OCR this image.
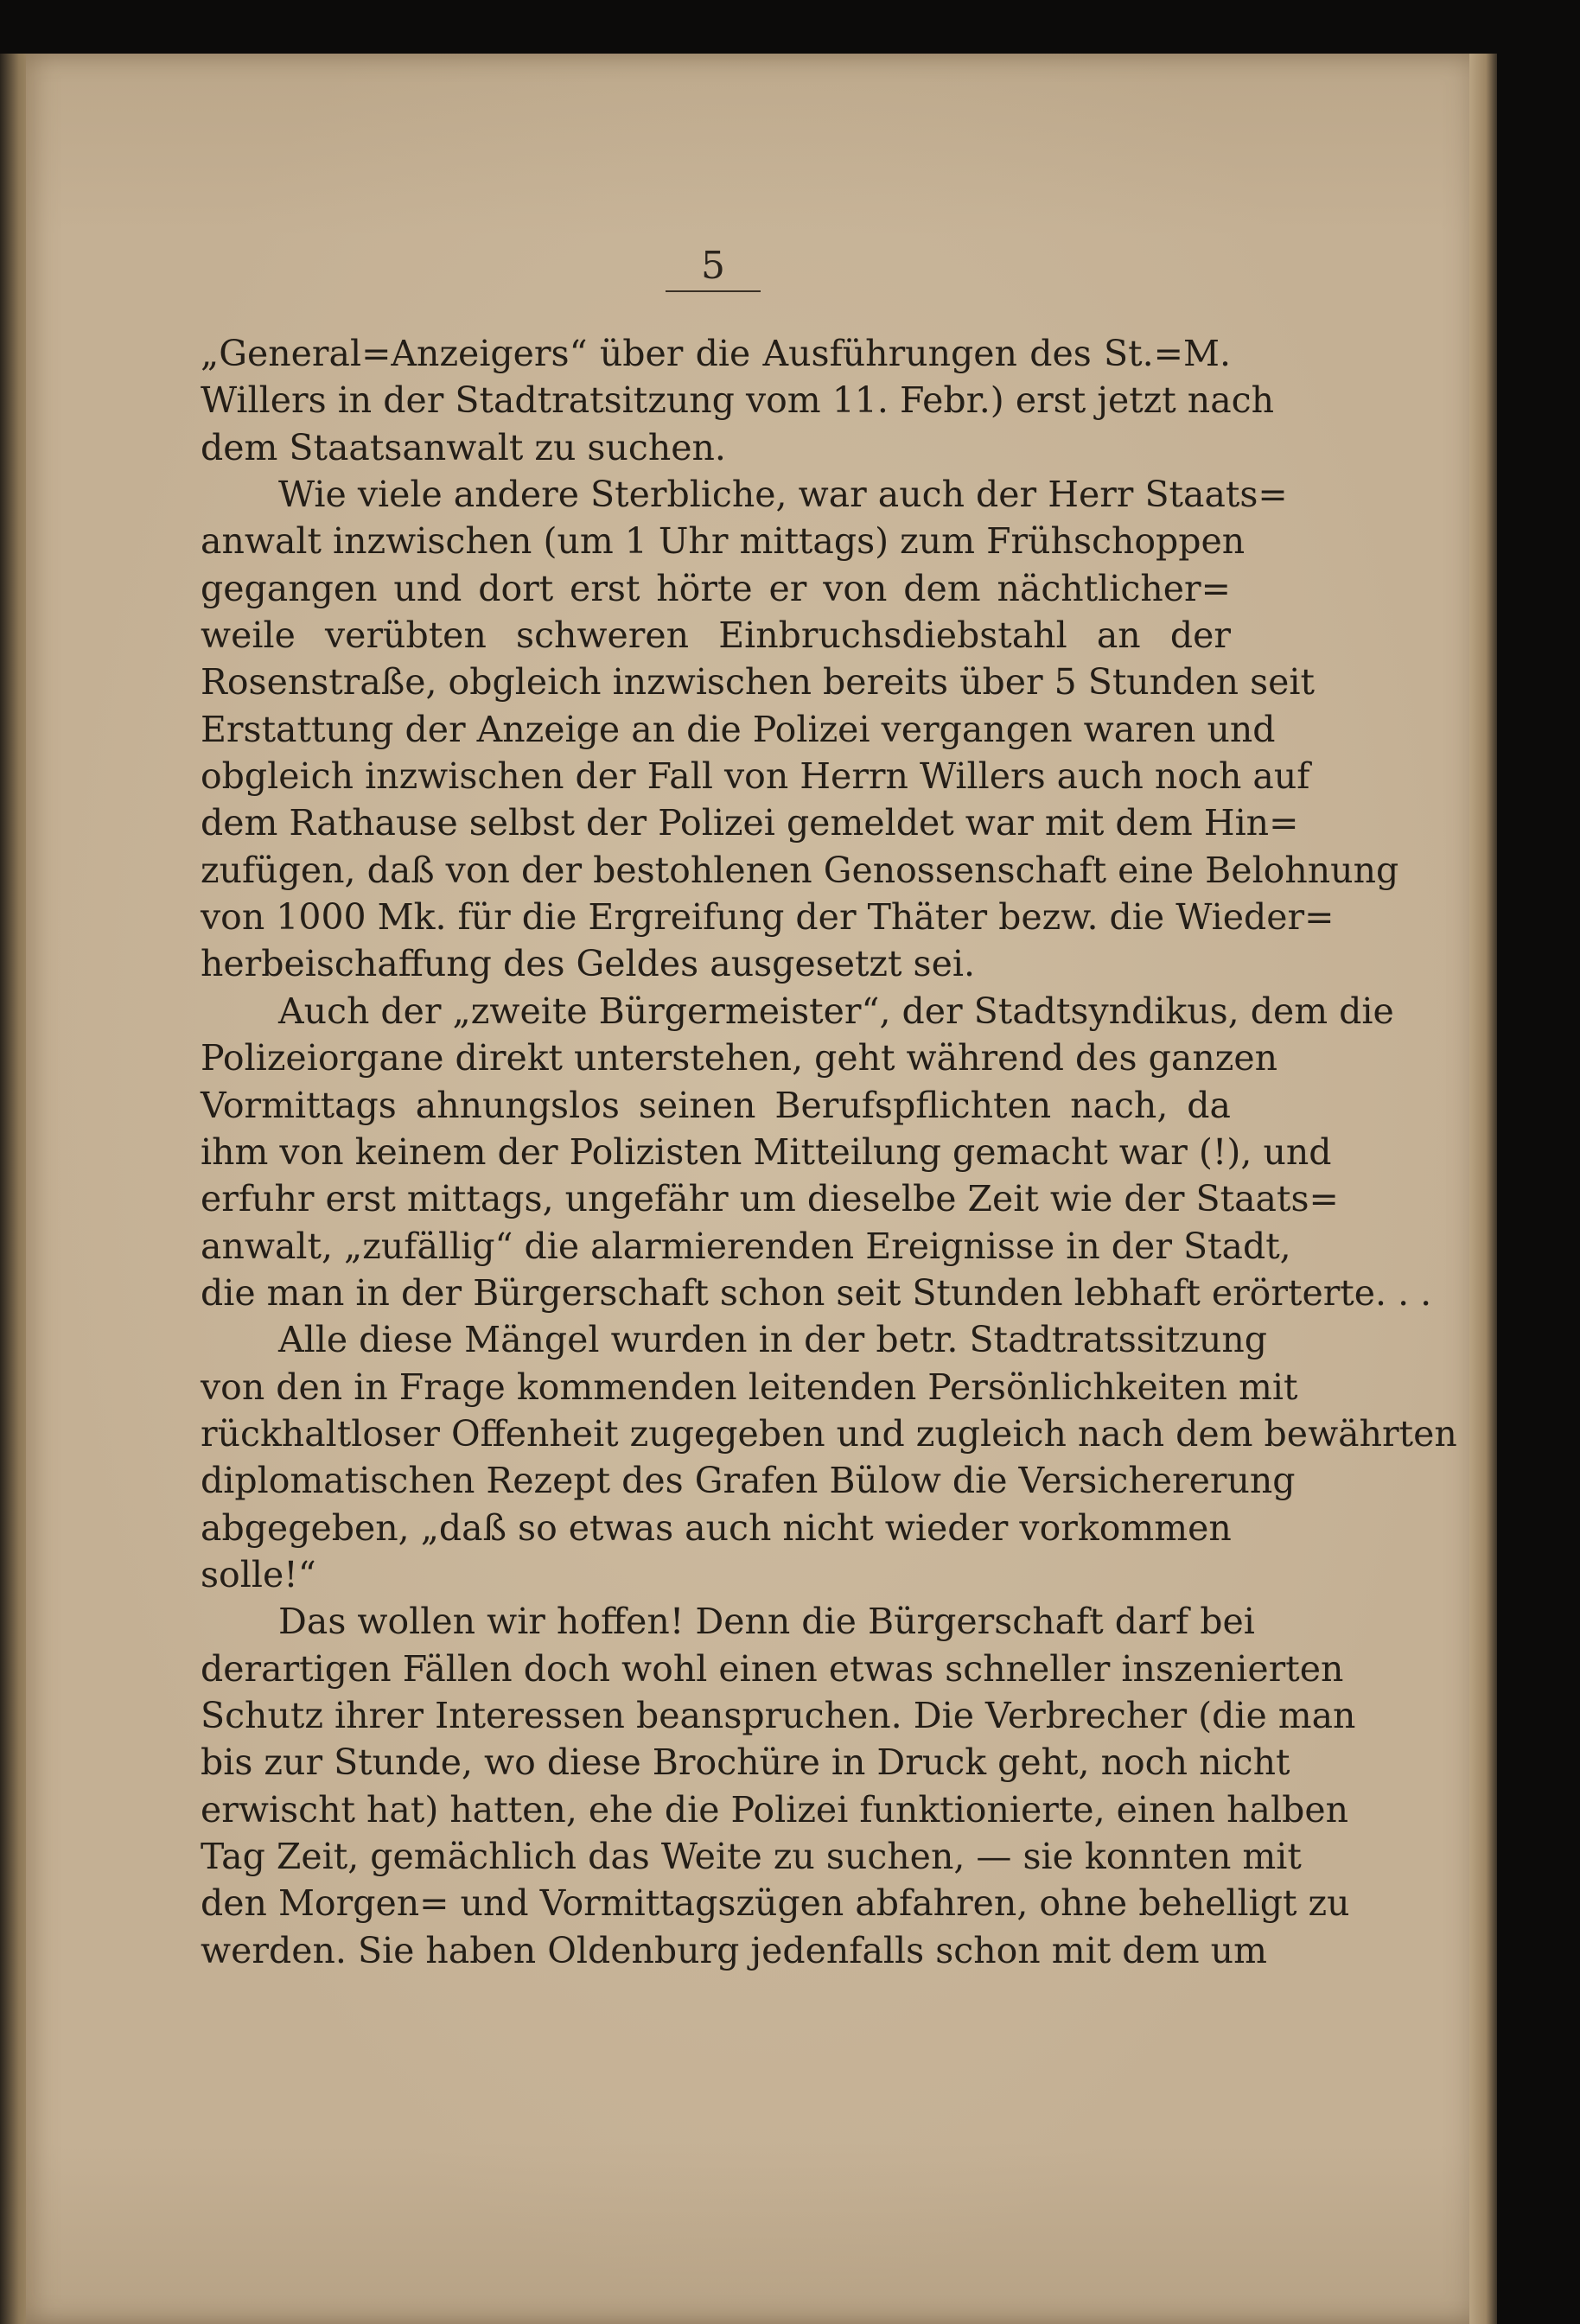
5
„General=Anzeigers“ über die Ausführungen des St.=M.
Willers in der Stadtratsitzung vom 11. Febr.) erst jetzt nach
dem Staatsanwalt zu suchen.
Wie viele andere Sterbliche, war auch der Herr Staats=
anwalt inzwischen (um 1 Uhr mittags) zum Frühschoppen
gegangen und dort erst hörte er von dem nächtlicher=
weile verübten schweren Einbruchsdiebstahl an der
Rosenstraße, obgleich inzwischen bereits über 5 Stunden seit
Erstattung der Anzeige an die Polizei vergangen waren und
obgleich inzwischen der Fall von Herrn Willers auch noch auf
dem Rathause selbst der Polizei gemeldet war mit dem Hin=
zufügen, daß von der bestohlenen Genossenschaft eine Belohnung
von 1000 Mk. für die Ergreifung der Thäter bezw. die Wieder=
herbeischaffung des Geldes ausgesetzt sei.
Auch der „zweite Bürgermeister“, der Stadtsyndikus, dem die
Polizeiorgane direkt unterstehen, geht während des ganzen
Vormittags ahnungslos seinen Berufspflichten nach, da
ihm von keinem der Polizisten Mitteilung gemacht war (!), und
erfuhr erst mittags, ungefähr um dieselbe Zeit wie der Staats=
anwalt, „zufällig“ die alarmierenden Ereignisse in der Stadt,
die man in der Bürgerschaft schon seit Stunden lebhaft erörterte. . .
Alle diese Mängel wurden in der betr. Stadtratssitzung
von den in Frage kommenden leitenden Persönlichkeiten mit
rückhaltloser Offenheit zugegeben und zugleich nach dem bewährten
diplomatischen Rezept des Grafen Bülow die Versichererung
abgegeben, „daß so etwas auch nicht wieder vorkommen
solle!“
Das wollen wir hoffen! Denn die Bürgerschaft darf bei
derartigen Fällen doch wohl einen etwas schneller inszenierten
Schutz ihrer Interessen beanspruchen. Die Verbrecher (die man
bis zur Stunde, wo diese Brochüre in Druck geht, noch nicht
erwischt hat) hatten, ehe die Polizei funktionierte, einen halben
Tag Zeit, gemächlich das Weite zu suchen, — sie konnten mit
den Morgen= und Vormittagszügen abfahren, ohne behelligt zu
werden. Sie haben Oldenburg jedenfalls schon mit dem um
